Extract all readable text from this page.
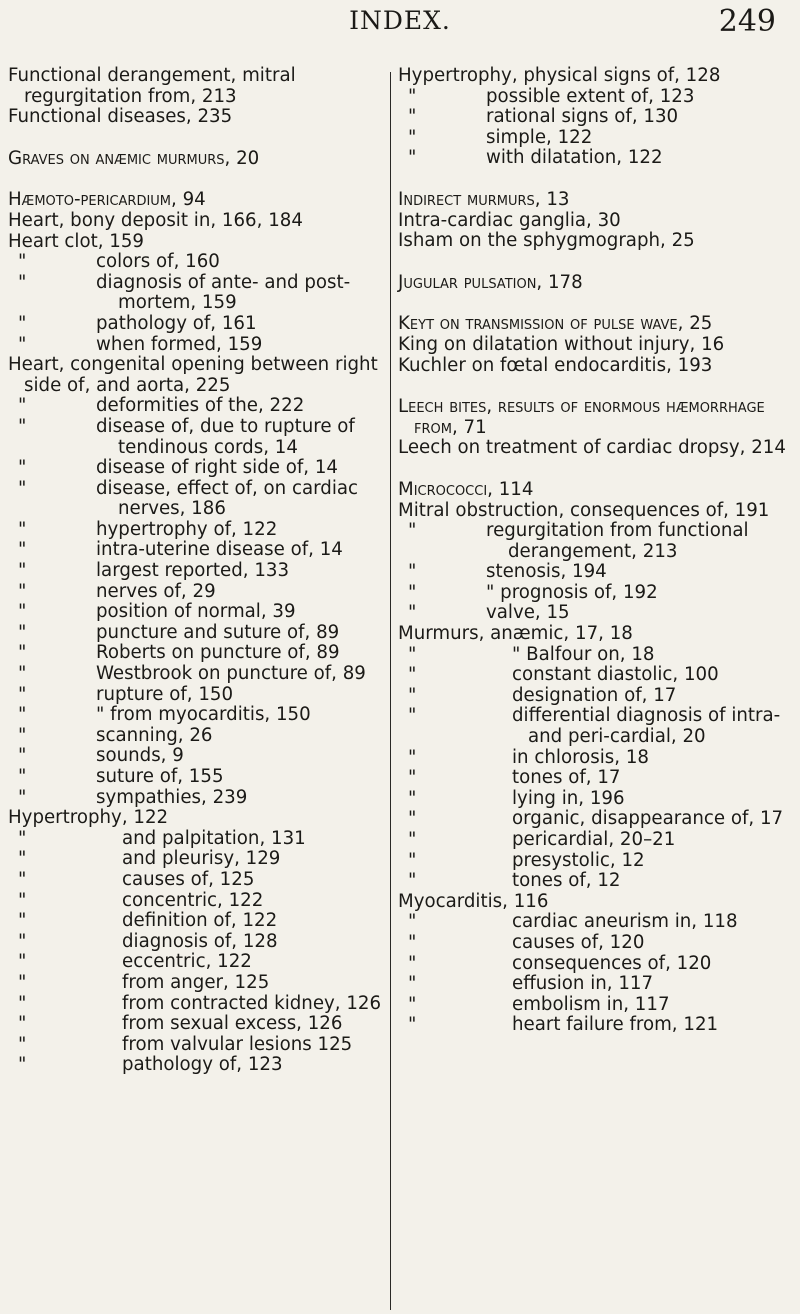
INDEX.	249
Functional derangement, mitral regurgitation from, 213
Functional diseases, 235
Graves on anæmic murmurs, 20
Hæmoto-pericardium, 94
Heart, bony deposit in, 166, 184
Heart clot, 159
"	colors of, 160
"	diagnosis of ante- and post-mortem, 159
"	pathology of, 161
"	when formed, 159
Heart, congenital opening between right side of, and aorta, 225
"	deformities of the, 222
"	disease of, due to rupture of tendinous cords, 14
"	disease of right side of, 14
"	disease, effect of, on cardiac nerves, 186
"	hypertrophy of, 122
"	intra-uterine disease of, 14
"	largest reported, 133
"	nerves of, 29
"	position of normal, 39
"	puncture and suture of, 89
"	Roberts on puncture of, 89
"	Westbrook on puncture of, 89
"	rupture of, 150
"	" from myocarditis, 150
"	scanning, 26
"	sounds, 9
"	suture of, 155
"	sympathies, 239
Hypertrophy, 122
"	and palpitation, 131
"	and pleurisy, 129
"	causes of, 125
"	concentric, 122
"	definition of, 122
"	diagnosis of, 128
"	eccentric, 122
"	from anger, 125
"	from contracted kidney, 126
"	from sexual excess, 126
"	from valvular lesions 125
"	pathology of, 123
Hypertrophy, physical signs of, 128
"	possible extent of, 123
"	rational signs of, 130
"	simple, 122
"	with dilatation, 122
Indirect murmurs, 13
Intra-cardiac ganglia, 30
Isham on the sphygmograph, 25
Jugular pulsation, 178
Keyt on transmission of pulse wave, 25
King on dilatation without injury, 16
Kuchler on fœtal endocarditis, 193
Leech bites, results of enormous hæmorrhage from, 71
Leech on treatment of cardiac dropsy, 214
Micrococci, 114
Mitral obstruction, consequences of, 191
"	regurgitation from functional derangement, 213
"	stenosis, 194
"	" prognosis of, 192
"	valve, 15
Murmurs, anæmic, 17, 18
"	" Balfour on, 18
"	constant diastolic, 100
"	designation of, 17
"	differential diagnosis of intra- and peri-cardial, 20
"	in chlorosis, 18
"	tones of, 17
"	lying in, 196
"	organic, disappearance of, 17
"	pericardial, 20–21
"	presystolic, 12
"	tones of, 12
Myocarditis, 116
"	cardiac aneurism in, 118
"	causes of, 120
"	consequences of, 120
"	effusion in, 117
"	embolism in, 117
"	heart failure from, 121
